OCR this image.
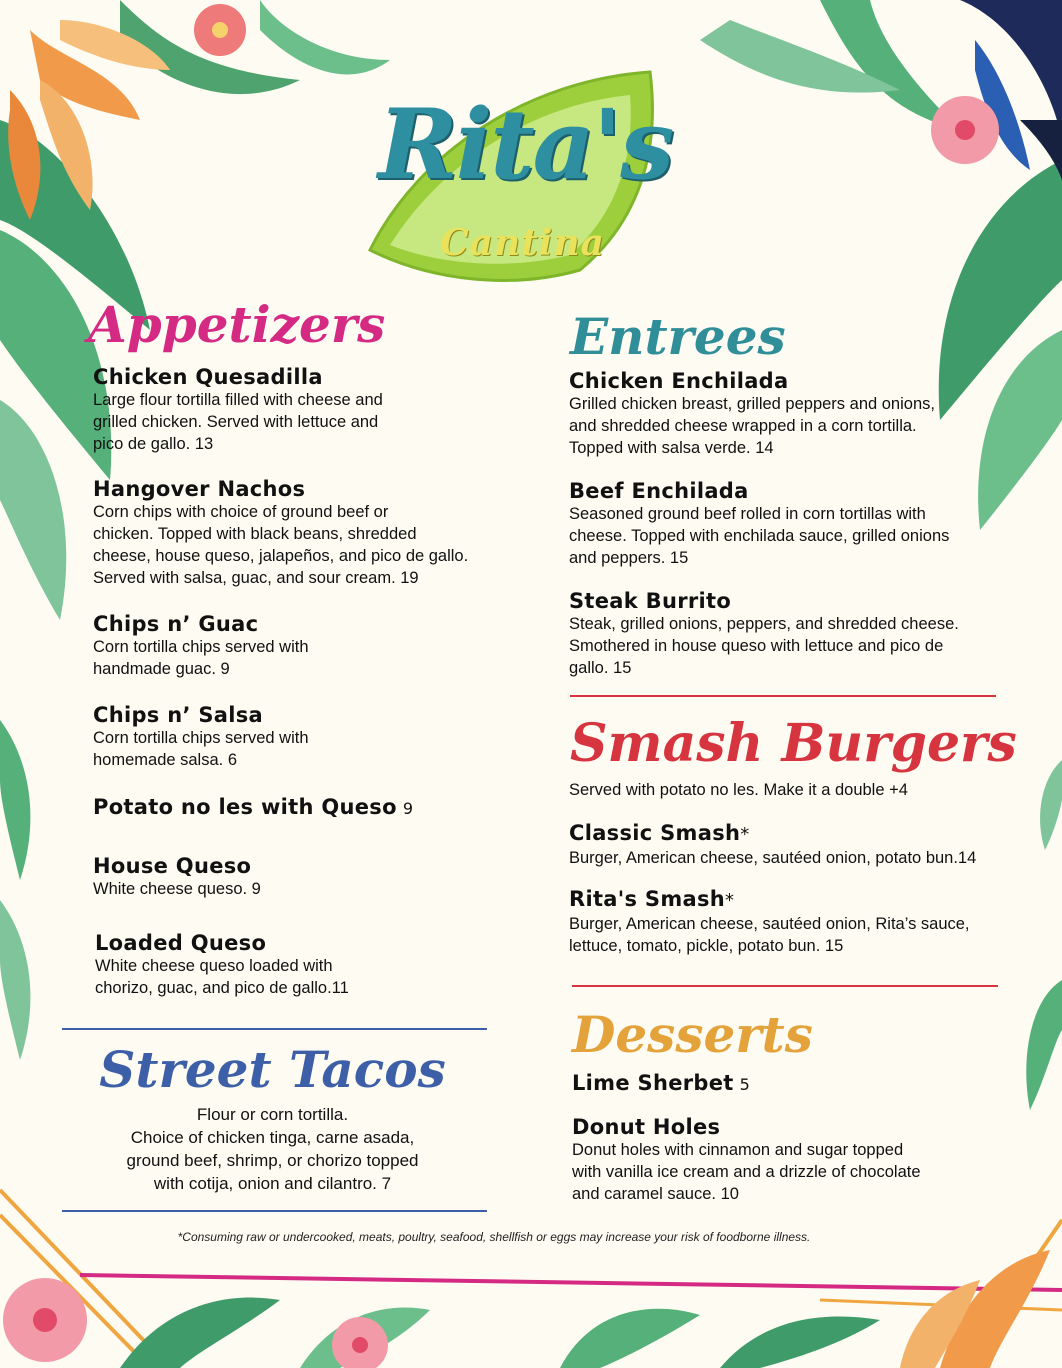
Rita's
Cantina
Appetizers
Chicken Quesadilla
Large flour tortilla filled with cheese and
grilled chicken. Served with lettuce and
pico de gallo. 13
Hangover Nachos
Corn chips with choice of ground beef or
chicken. Topped with black beans, shredded
cheese, house queso, jalapeños, and pico de gallo.
Served with salsa, guac, and sour cream. 19
Chips n’ Guac
Corn tortilla chips served with
handmade guac. 9
Chips n’ Salsa
Corn tortilla chips served with
homemade salsa. 6
Potato no les with Queso 9
House Queso
White cheese queso. 9
Loaded Queso
White cheese queso loaded with
chorizo, guac, and pico de gallo.11
Street Tacos
Flour or corn tortilla.
Choice of chicken tinga, carne asada,
ground beef, shrimp, or chorizo topped
with cotija, onion and cilantro. 7
Entrees
Chicken Enchilada
Grilled chicken breast, grilled peppers and onions,
and shredded cheese wrapped in a corn tortilla.
Topped with salsa verde. 14
Beef Enchilada
Seasoned ground beef rolled in corn tortillas with
cheese. Topped with enchilada sauce, grilled onions
and peppers. 15
Steak Burrito
Steak, grilled onions, peppers, and shredded cheese.
Smothered in house queso with lettuce and pico de
gallo. 15
Smash Burgers
Served with potato no les. Make it a double +4
Classic Smash*
Burger, American cheese, sautéed onion, potato bun.14
Rita's Smash*
Burger, American cheese, sautéed onion, Rita’s sauce,
lettuce, tomato, pickle, potato bun. 15
Desserts
Lime Sherbet 5
Donut Holes
Donut holes with cinnamon and sugar topped
with vanilla ice cream and a drizzle of chocolate
and caramel sauce. 10
*Consuming raw or undercooked, meats, poultry, seafood, shellfish or eggs may increase your risk of foodborne illness.
